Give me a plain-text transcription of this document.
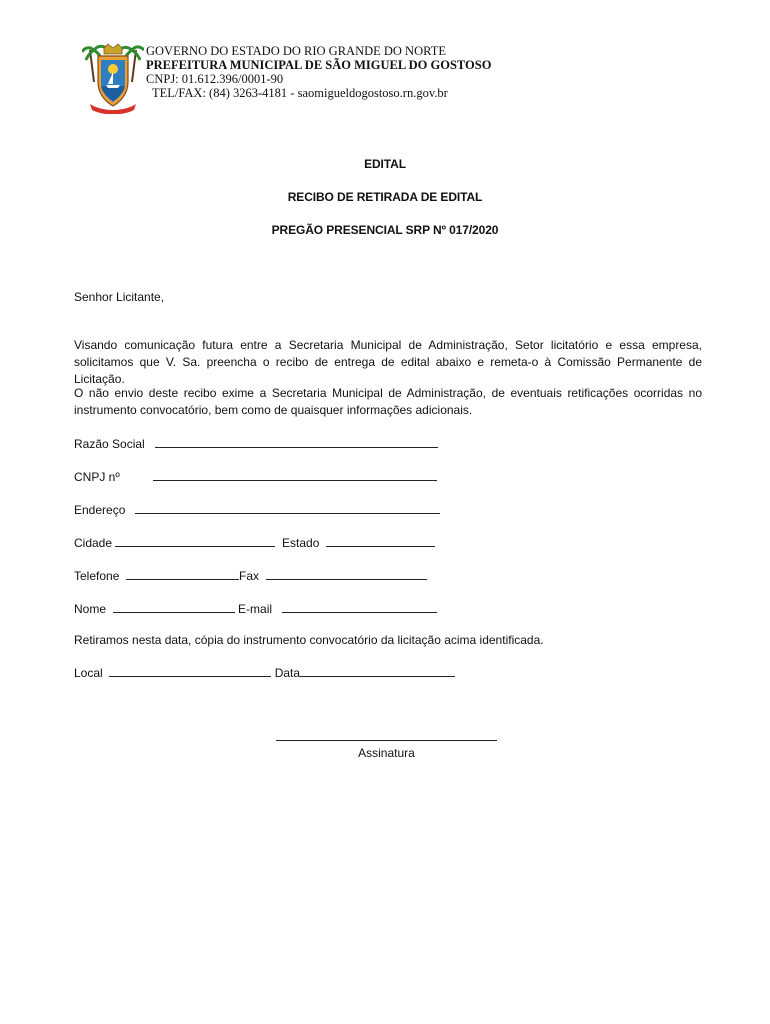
GOVERNO DO ESTADO DO RIO GRANDE DO NORTE
PREFEITURA MUNICIPAL DE SÃO MIGUEL DO GOSTOSO
CNPJ: 01.612.396/0001-90
TEL/FAX: (84) 3263-4181 - saomigueldogostoso.rn.gov.br
EDITAL
RECIBO DE RETIRADA DE EDITAL
PREGÃO PRESENCIAL SRP Nº 017/2020
Senhor Licitante,
Visando comunicação futura entre a Secretaria Municipal de Administração, Setor licitatório e essa empresa, solicitamos que V. Sa. preencha o recibo de entrega de edital abaixo e remeta-o à Comissão Permanente de Licitação.
O não envio deste recibo exime a Secretaria Municipal de Administração, de eventuais retificações ocorridas no instrumento convocatório, bem como de quaisquer informações adicionais.
Razão Social
CNPJ nº
Endereço
Cidade	Estado
Telefone	Fax
Nome	E-mail
Retiramos nesta data, cópia do instrumento convocatório da licitação acima identificada.
Local	Data
Assinatura
